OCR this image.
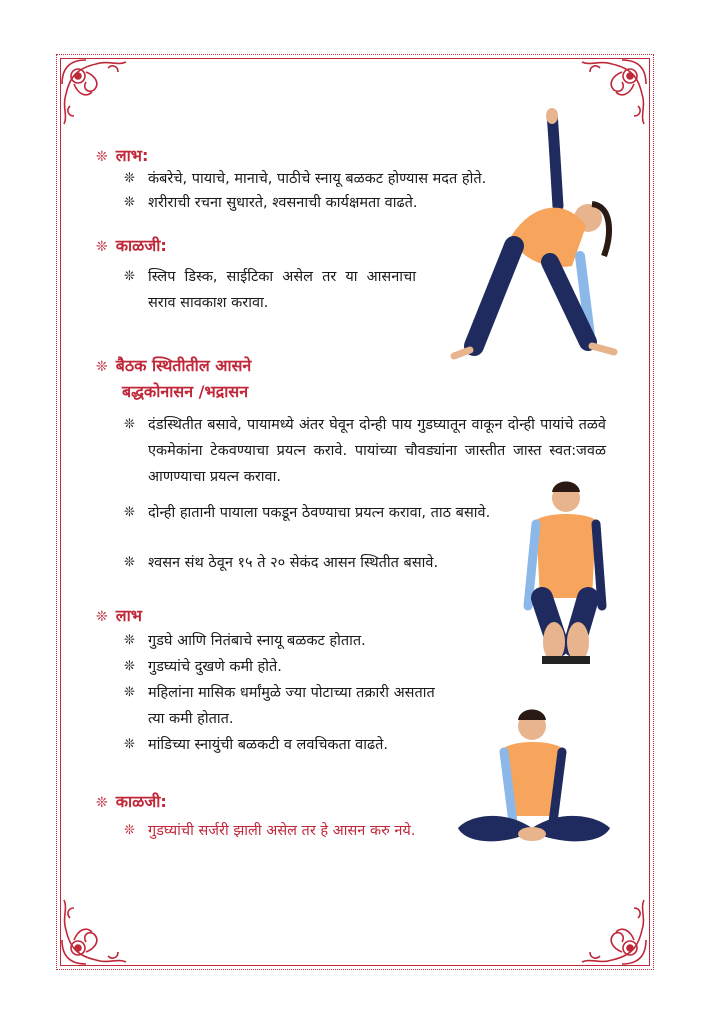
❊ लाभ:
❊ कंबरेचे, पायाचे, मानाचे, पाठीचे स्नायू बळकट होण्यास मदत होते.
❊ शरीराची रचना सुधारते, श्वसनाची कार्यक्षमता वाढते.
❊ काळजी:
❊ स्लिप डिस्क, साईटिका असेल तर या आसनाचा सराव सावकाश करावा.
❊ बैठक स्थितीतील आसने
बद्धकोनासन /भद्रासन
❊ दंडस्थितीत बसावे, पायामध्ये अंतर घेवून दोन्ही पाय गुडघ्यातून वाकून दोन्ही पायांचे तळवे एकमेकांना टेकवण्याचा प्रयत्न करावे. पायांच्या चौवड्यांना जास्तीत जास्त स्वत:जवळ आणण्याचा प्रयत्न करावा.
❊ दोन्ही हातानी पायाला पकडून ठेवण्याचा प्रयत्न करावा, ताठ बसावे.
❊ श्वसन संथ ठेवून १५ ते २० सेकंद आसन स्थितीत बसावे.
❊ लाभ
❊ गुडघे आणि नितंबाचे स्नायू बळकट होतात.
❊ गुडघ्यांचे दुखणे कमी होते.
❊ महिलांना मासिक धर्मांमुळे ज्या पोटाच्या तक्रारी असतात त्या कमी होतात.
❊ मांडिच्या स्नायुंची बळकटी व लवचिकता वाढते.
❊ काळजी:
❊ गुडघ्यांची सर्जरी झाली असेल तर हे आसन करु नये.
